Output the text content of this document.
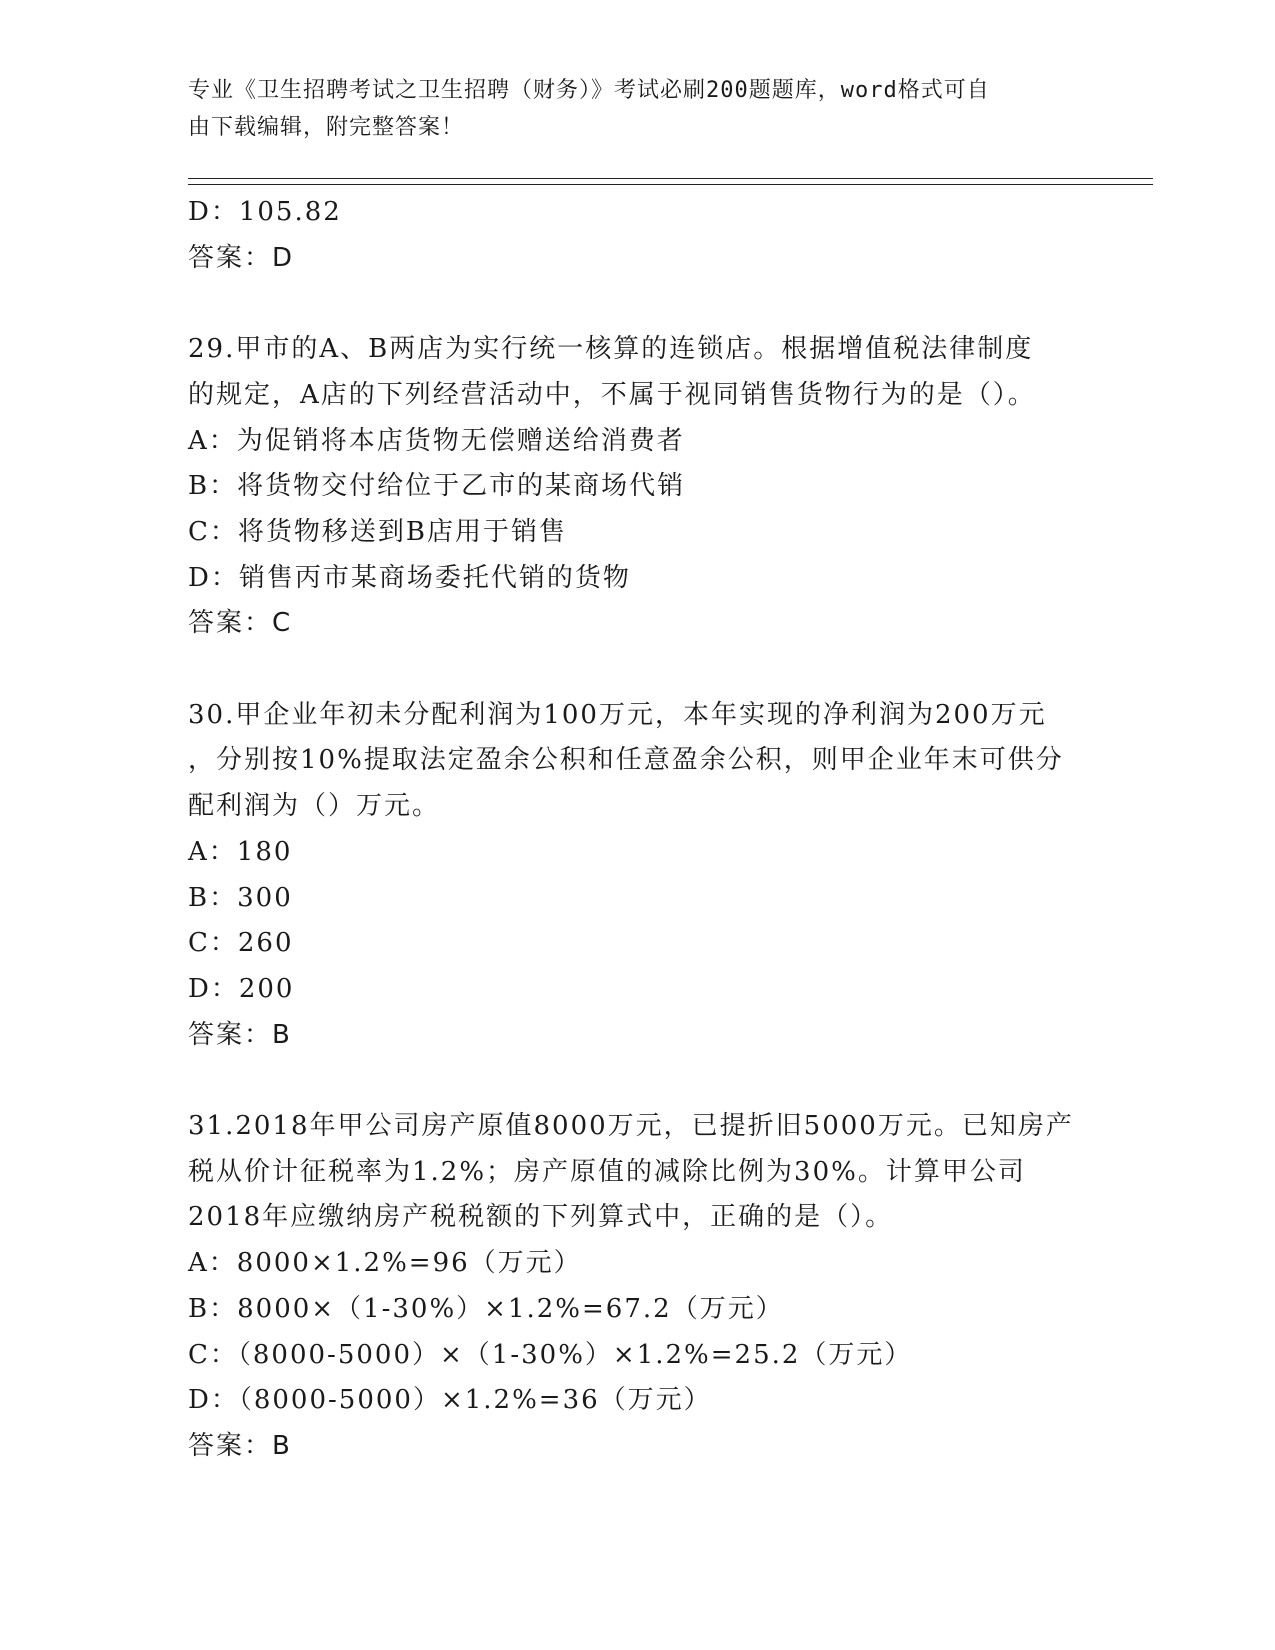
专业《卫生招聘考试之卫生招聘（财务）》考试必刷200题题库，word格式可自
由下载编辑，附完整答案！
D：105.82
答案：D
29.甲市的A、B两店为实行统一核算的连锁店。根据增值税法律制度
的规定，A店的下列经营活动中，不属于视同销售货物行为的是（）。
A：为促销将本店货物无偿赠送给消费者
B：将货物交付给位于乙市的某商场代销
C：将货物移送到B店用于销售
D：销售丙市某商场委托代销的货物
答案：C
30.甲企业年初未分配利润为100万元，本年实现的净利润为200万元
，分别按10%提取法定盈余公积和任意盈余公积，则甲企业年末可供分
配利润为（）万元。
A：180
B：300
C：260
D：200
答案：B
31.2018年甲公司房产原值8000万元，已提折旧5000万元。已知房产
税从价计征税率为1.2%；房产原值的减除比例为30%。计算甲公司
2018年应缴纳房产税税额的下列算式中，正确的是（）。
A：8000×1.2%=96（万元）
B：8000×（1-30%）×1.2%=67.2（万元）
C：（8000-5000）×（1-30%）×1.2%=25.2（万元）
D：（8000-5000）×1.2%=36（万元）
答案：B
